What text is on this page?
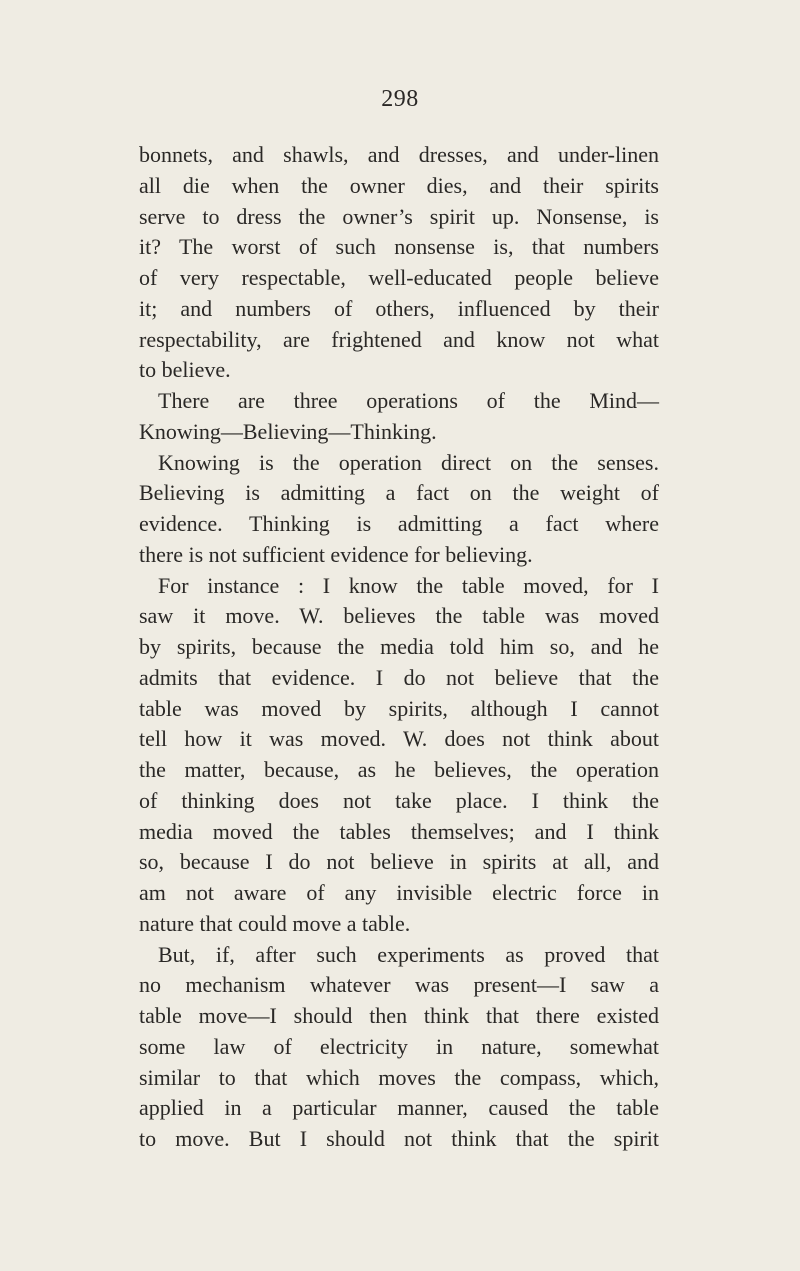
298
bonnets, and shawls, and dresses, and under-linen
all die when the owner dies, and their spirits
serve to dress the owner’s spirit up. Nonsense, is
it? The worst of such nonsense is, that numbers
of very respectable, well-educated people believe
it; and numbers of others, influenced by their
respectability, are frightened and know not what
to believe.
There are three operations of the Mind—
Knowing—Believing—Thinking.
Knowing is the operation direct on the senses.
Believing is admitting a fact on the weight of
evidence. Thinking is admitting a fact where
there is not sufficient evidence for believing.
For instance : I know the table moved, for I
saw it move. W. believes the table was moved
by spirits, because the media told him so, and he
admits that evidence. I do not believe that the
table was moved by spirits, although I cannot
tell how it was moved. W. does not think about
the matter, because, as he believes, the operation
of thinking does not take place. I think the
media moved the tables themselves; and I think
so, because I do not believe in spirits at all, and
am not aware of any invisible electric force in
nature that could move a table.
But, if, after such experiments as proved that
no mechanism whatever was present—I saw a
table move—I should then think that there existed
some law of electricity in nature, somewhat
similar to that which moves the compass, which,
applied in a particular manner, caused the table
to move. But I should not think that the spirit
